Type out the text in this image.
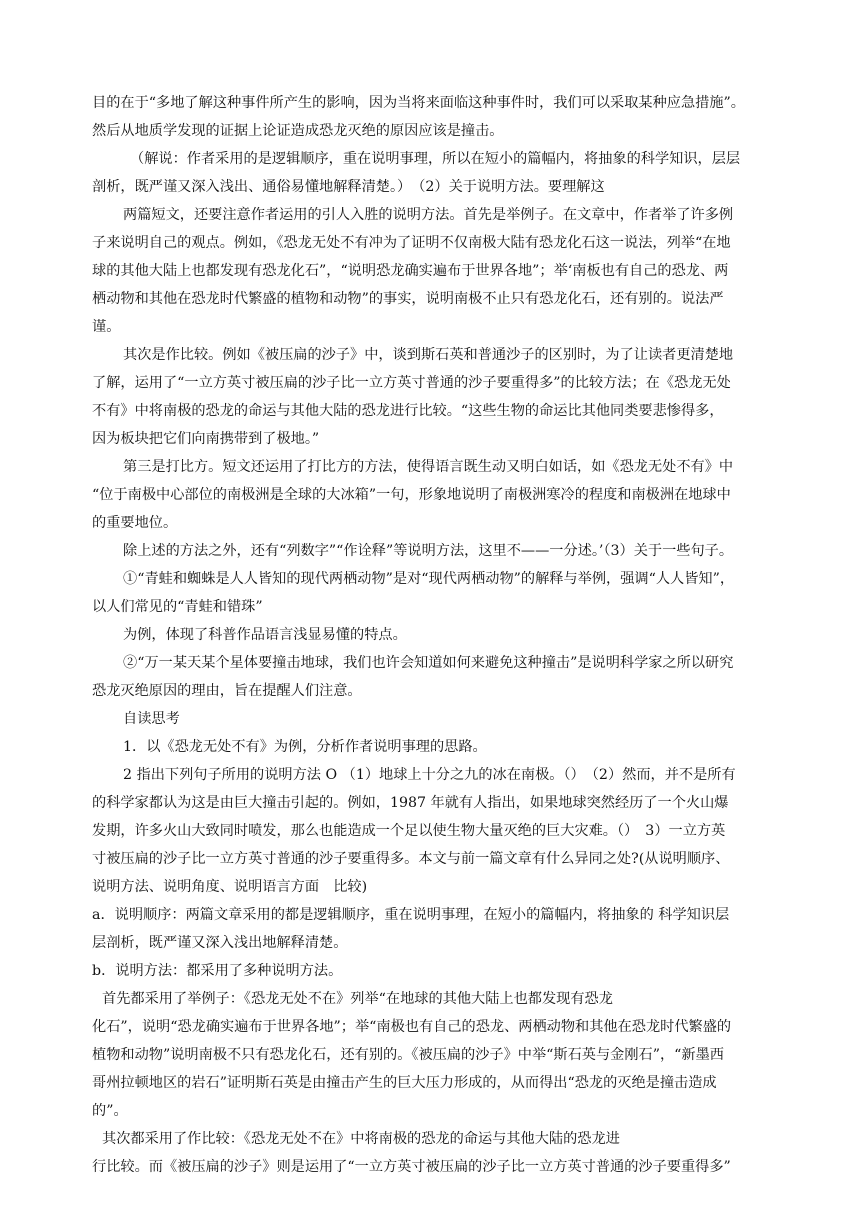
目的在于“多地了解这种事件所产生的影响，因为当将来面临这种事件时，我们可以采取某种应急措施”。
然后从地质学发现的证据上论证造成恐龙灭绝的原因应该是撞击。
（解说：作者采用的是逻辑顺序，重在说明事理，所以在短小的篇幅内，将抽象的科学知识，层层
剖析，既严谨又深入浅出、通俗易懂地解释清楚。）　（2）关于说明方法。要理解这
两篇短文，还要注意作者运用的引人入胜的说明方法。首先是举例子。在文章中，作者举了许多例
子来说明自己的观点。例如，《恐龙无处不有冲为了证明不仅南极大陆有恐龙化石这一说法，列举“在地
球的其他大陆上也都发现有恐龙化石”，“说明恐龙确实遍布于世界各地”；举‘南板也有自己的恐龙、两
栖动物和其他在恐龙时代繁盛的植物和动物”的事实，说明南极不止只有恐龙化石，还有别的。说法严
谨。
其次是作比较。例如《被压扁的沙子》中，谈到斯石英和普通沙子的区别时，为了让读者更清楚地
了解，运用了“一立方英寸被压扁的沙子比一立方英寸普通的沙子要重得多”的比较方法；在《恐龙无处
不有》中将南极的恐龙的命运与其他大陆的恐龙进行比较。“这些生物的命运比其他同类要悲惨得多，
因为板块把它们向南携带到了极地。”
第三是打比方。短文还运用了打比方的方法，使得语言既生动又明白如话，如《恐龙无处不有》中
“位于南极中心部位的南极洲是全球的大冰箱”一句，形象地说明了南极洲寒冷的程度和南极洲在地球中
的重要地位。
除上述的方法之外，还有“列数字”“作诠释”等说明方法，这里不——一分述。’（3）关于一些句子。
①“青蛙和蜘蛛是人人皆知的现代两栖动物”是对“现代两栖动物”的解释与举例，强调“人人皆知”，
以人们常见的“青蛙和错珠”
为例，体现了科普作品语言浅显易懂的特点。
②“万一某天某个星体要撞击地球，我们也许会知道如何来避免这种撞击”是说明科学家之所以研究
恐龙灭绝原因的理由，旨在提醒人们注意。
自读思考
1．以《恐龙无处不有》为例，分析作者说明事理的思路。
2 指出下列句子所用的说明方法 O （1）地球上十分之九的冰在南极。（）　（2）然而，并不是所有
的科学家都认为这是由巨大撞击引起的。例如，1987 年就有人指出，如果地球突然经历了一个火山爆
发期，许多火山大致同时喷发，那么也能造成一个足以使生物大量灭绝的巨大灾难。（）　3）一立方英
寸被压扁的沙子比一立方英寸普通的沙子要重得多。本文与前一篇文章有什么异同之处?(从说明顺序、
说明方法、说明角度、说明语言方面　比较)
a．说明顺序：两篇文章采用的都是逻辑顺序，重在说明事理，在短小的篇幅内，将抽象的 科学知识层
层剖析，既严谨又深入浅出地解释清楚。
b．说明方法：都采用了多种说明方法。
首先都采用了举例子：《恐龙无处不在》列举“在地球的其他大陆上也都发现有恐龙
化石”，说明“恐龙确实遍布于世界各地”；举“南极也有自己的恐龙、两栖动物和其他在恐龙时代繁盛的
植物和动物”说明南极不只有恐龙化石，还有别的。《被压扁的沙子》中举“斯石英与金刚石”，“新墨西
哥州拉顿地区的岩石”证明斯石英是由撞击产生的巨大压力形成的，从而得出“恐龙的灭绝是撞击造成
的”。
其次都采用了作比较：《恐龙无处不在》中将南极的恐龙的命运与其他大陆的恐龙进
行比较。而《被压扁的沙子》则是运用了“一立方英寸被压扁的沙子比一立方英寸普通的沙子要重得多”
